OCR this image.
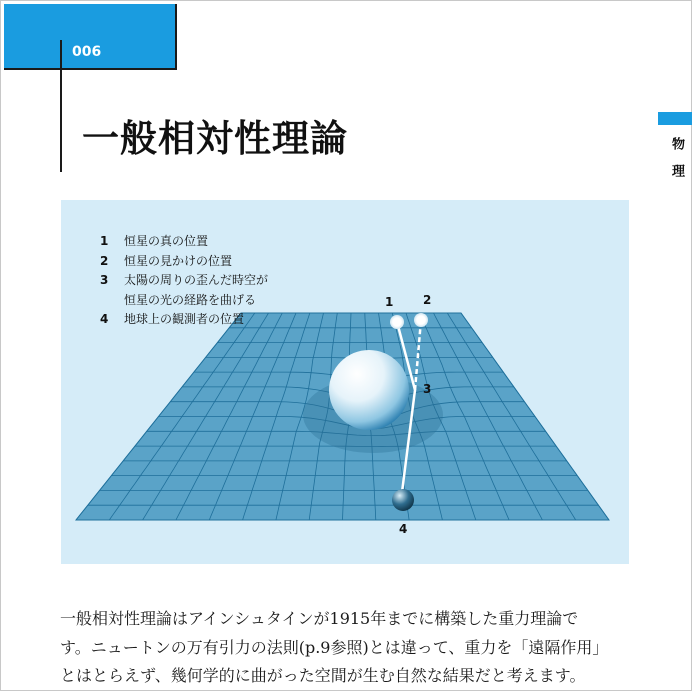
006
一般相対性理論	物理
1 2
3
4
1	恒星の真の位置
2	恒星の見かけの位置
3	太陽の周りの歪んだ時空が
恒星の光の経路を曲げる
4	地球上の観測者の位置

一般相対性理論はアインシュタインが1915年までに構築した重力理論で

す。ニュートンの万有引力の法則(p.9参照)とは違って、重力を「遠隔作用」

とはとらえず、幾何学的に曲がった空間が生む自然な結果だと考えます。
